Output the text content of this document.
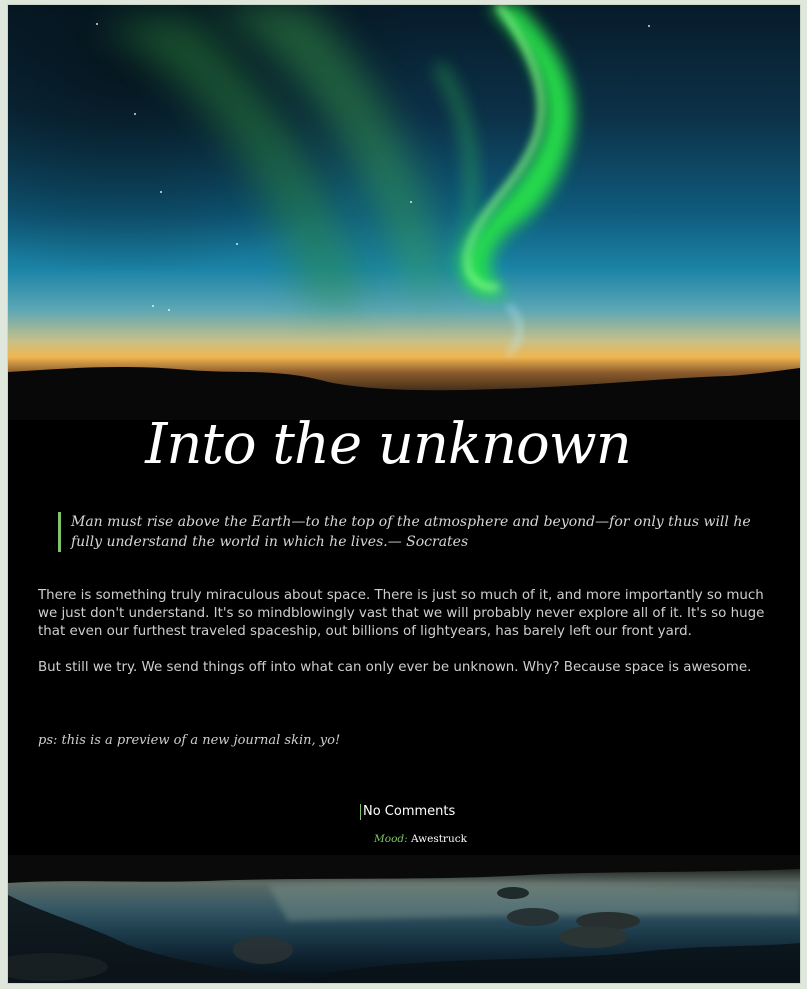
Into the unknown
Man must rise above the Earth—to the top of the atmosphere and beyond—for only thus will he fully understand the world in which he lives.— Socrates

There is something truly miraculous about space. There is just so much of it, and more importantly so much we just don't understand. It's so mindblowingly vast that we will probably never explore all of it. It's so huge that even our furthest traveled spaceship, out billions of lightyears, has barely left our front yard.

But still we try. We send things off into what can only ever be unknown. Why? Because space is awesome.

ps: this is a preview of a new journal skin, yo!
No Comments
Mood: Awestruck
